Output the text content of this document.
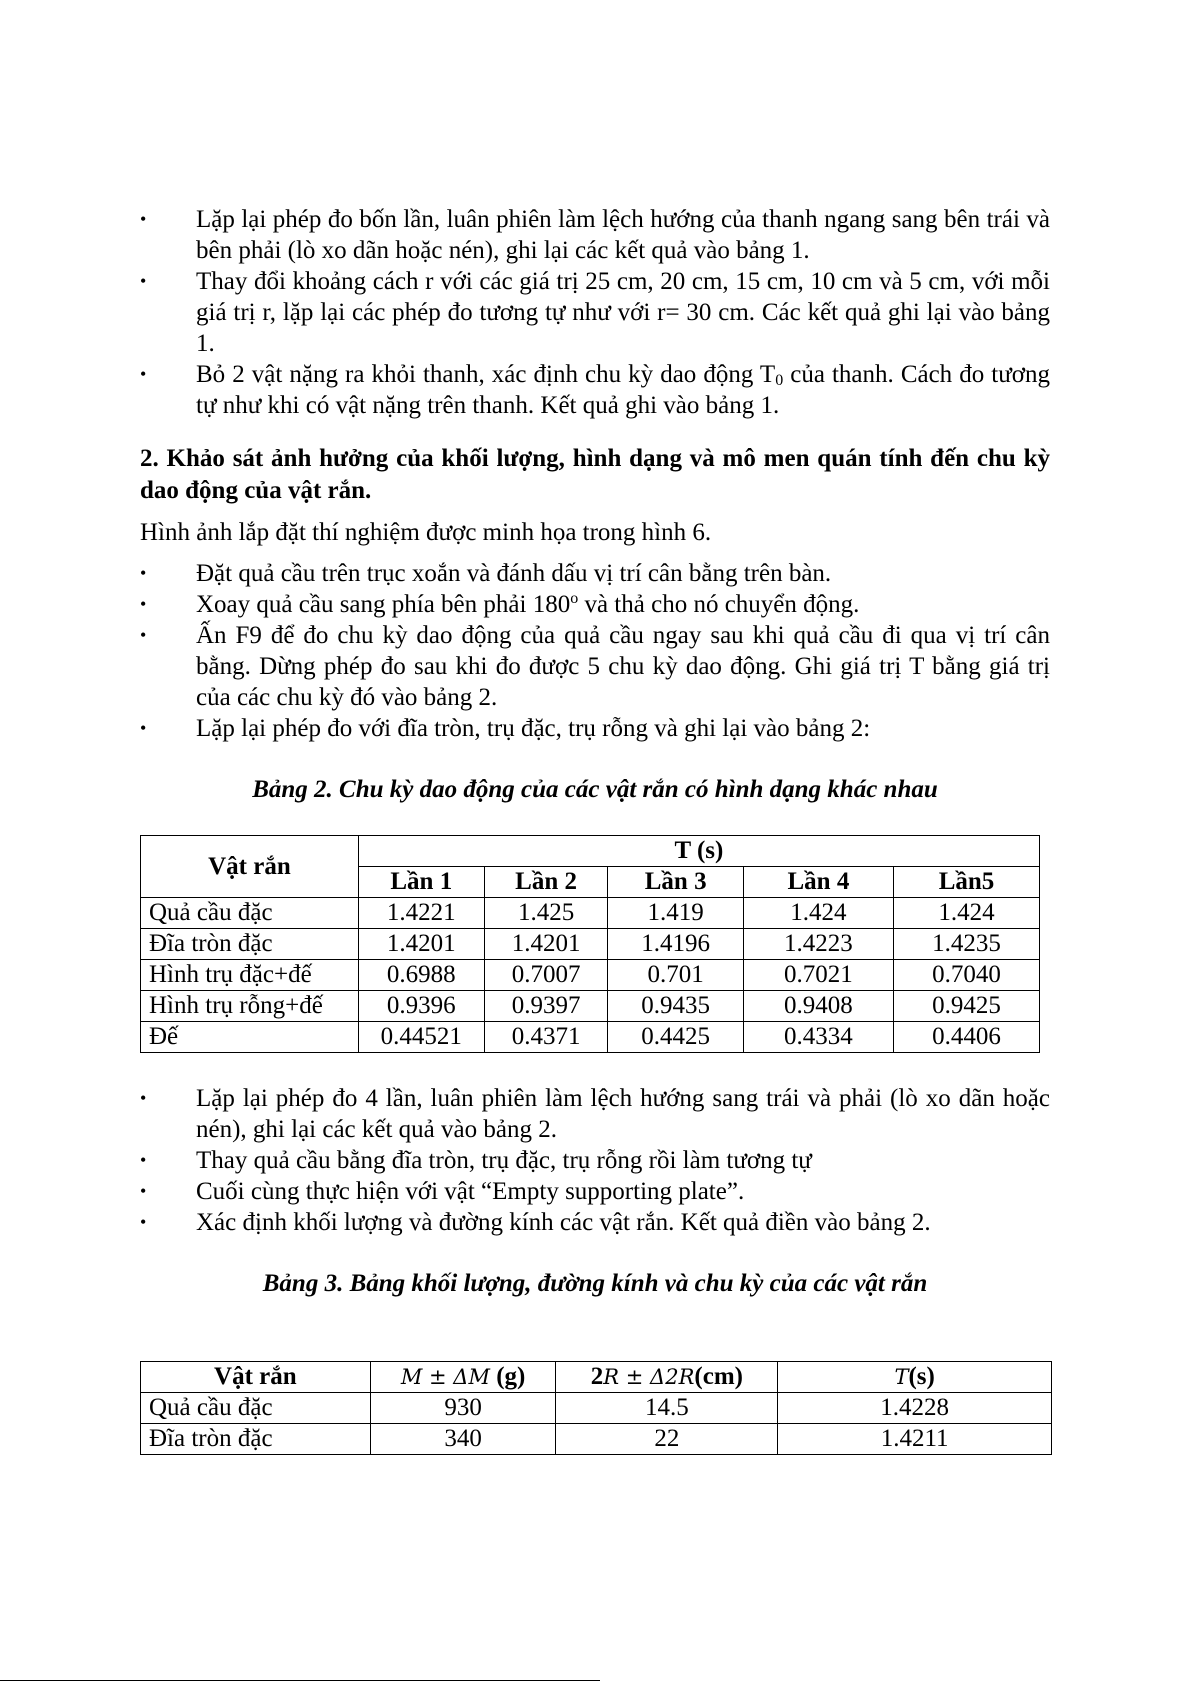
• Lặp lại phép đo bốn lần, luân phiên làm lệch hướng của thanh ngang sang bên trái và bên phải (lò xo dãn hoặc nén), ghi lại các kết quả vào bảng 1.
• Thay đổi khoảng cách r với các giá trị 25 cm, 20 cm, 15 cm, 10 cm và 5 cm, với mỗi giá trị r, lặp lại các phép đo tương tự như với r= 30 cm. Các kết quả ghi lại vào bảng 1.
• Bỏ 2 vật nặng ra khỏi thanh, xác định chu kỳ dao động $T_0$ của thanh. Cách đo tương tự như khi có vật nặng trên thanh. Kết quả ghi vào bảng 1.
2. Khảo sát ảnh hưởng của khối lượng, hình dạng và mô men quán tính đến chu kỳ dao động của vật rắn.
Hình ảnh lắp đặt thí nghiệm được minh họa trong hình 6.
• Đặt quả cầu trên trục xoắn và đánh dấu vị trí cân bằng trên bàn.
• Xoay quả cầu sang phía bên phải 180$^o$ và thả cho nó chuyển động.
• Ấn F9 để đo chu kỳ dao động của quả cầu ngay sau khi quả cầu đi qua vị trí cân bằng. Dừng phép đo sau khi đo được 5 chu kỳ dao động. Ghi giá trị T bằng giá trị của các chu kỳ đó vào bảng 2.
• Lặp lại phép đo với đĩa tròn, trụ đặc, trụ rỗng và ghi lại vào bảng 2:
Bảng 2. Chu kỳ dao động của các vật rắn có hình dạng khác nhau
Vật rắn	T (s)				
	Lần 1	Lần 2	Lần 3	Lần 4	Lần5
Quả cầu đặc	1.4221	1.425	1.419	1.424	1.424
Đĩa tròn đặc	1.4201	1.4201	1.4196	1.4223	1.4235
Hình trụ đặc+đế	0.6988	0.7007	0.701	0.7021	0.7040
Hình trụ rỗng+đế	0.9396	0.9397	0.9435	0.9408	0.9425
Đế	0.44521	0.4371	0.4425	0.4334	0.4406
• Lặp lại phép đo 4 lần, luân phiên làm lệch hướng sang trái và phải (lò xo dãn hoặc nén), ghi lại các kết quả vào bảng 2.
• Thay quả cầu bằng đĩa tròn, trụ đặc, trụ rỗng rồi làm tương tự
• Cuối cùng thực hiện với vật “Empty supporting plate”.
• Xác định khối lượng và đường kính các vật rắn. Kết quả điền vào bảng 2.
Bảng 3. Bảng khối lượng, đường kính và chu kỳ của các vật rắn
Vật rắn	M ± ΔM (g)	2R ± Δ2R(cm)	T(s)
Quả cầu đặc	930	14.5	1.4228
Đĩa tròn đặc	340	22	1.4211
